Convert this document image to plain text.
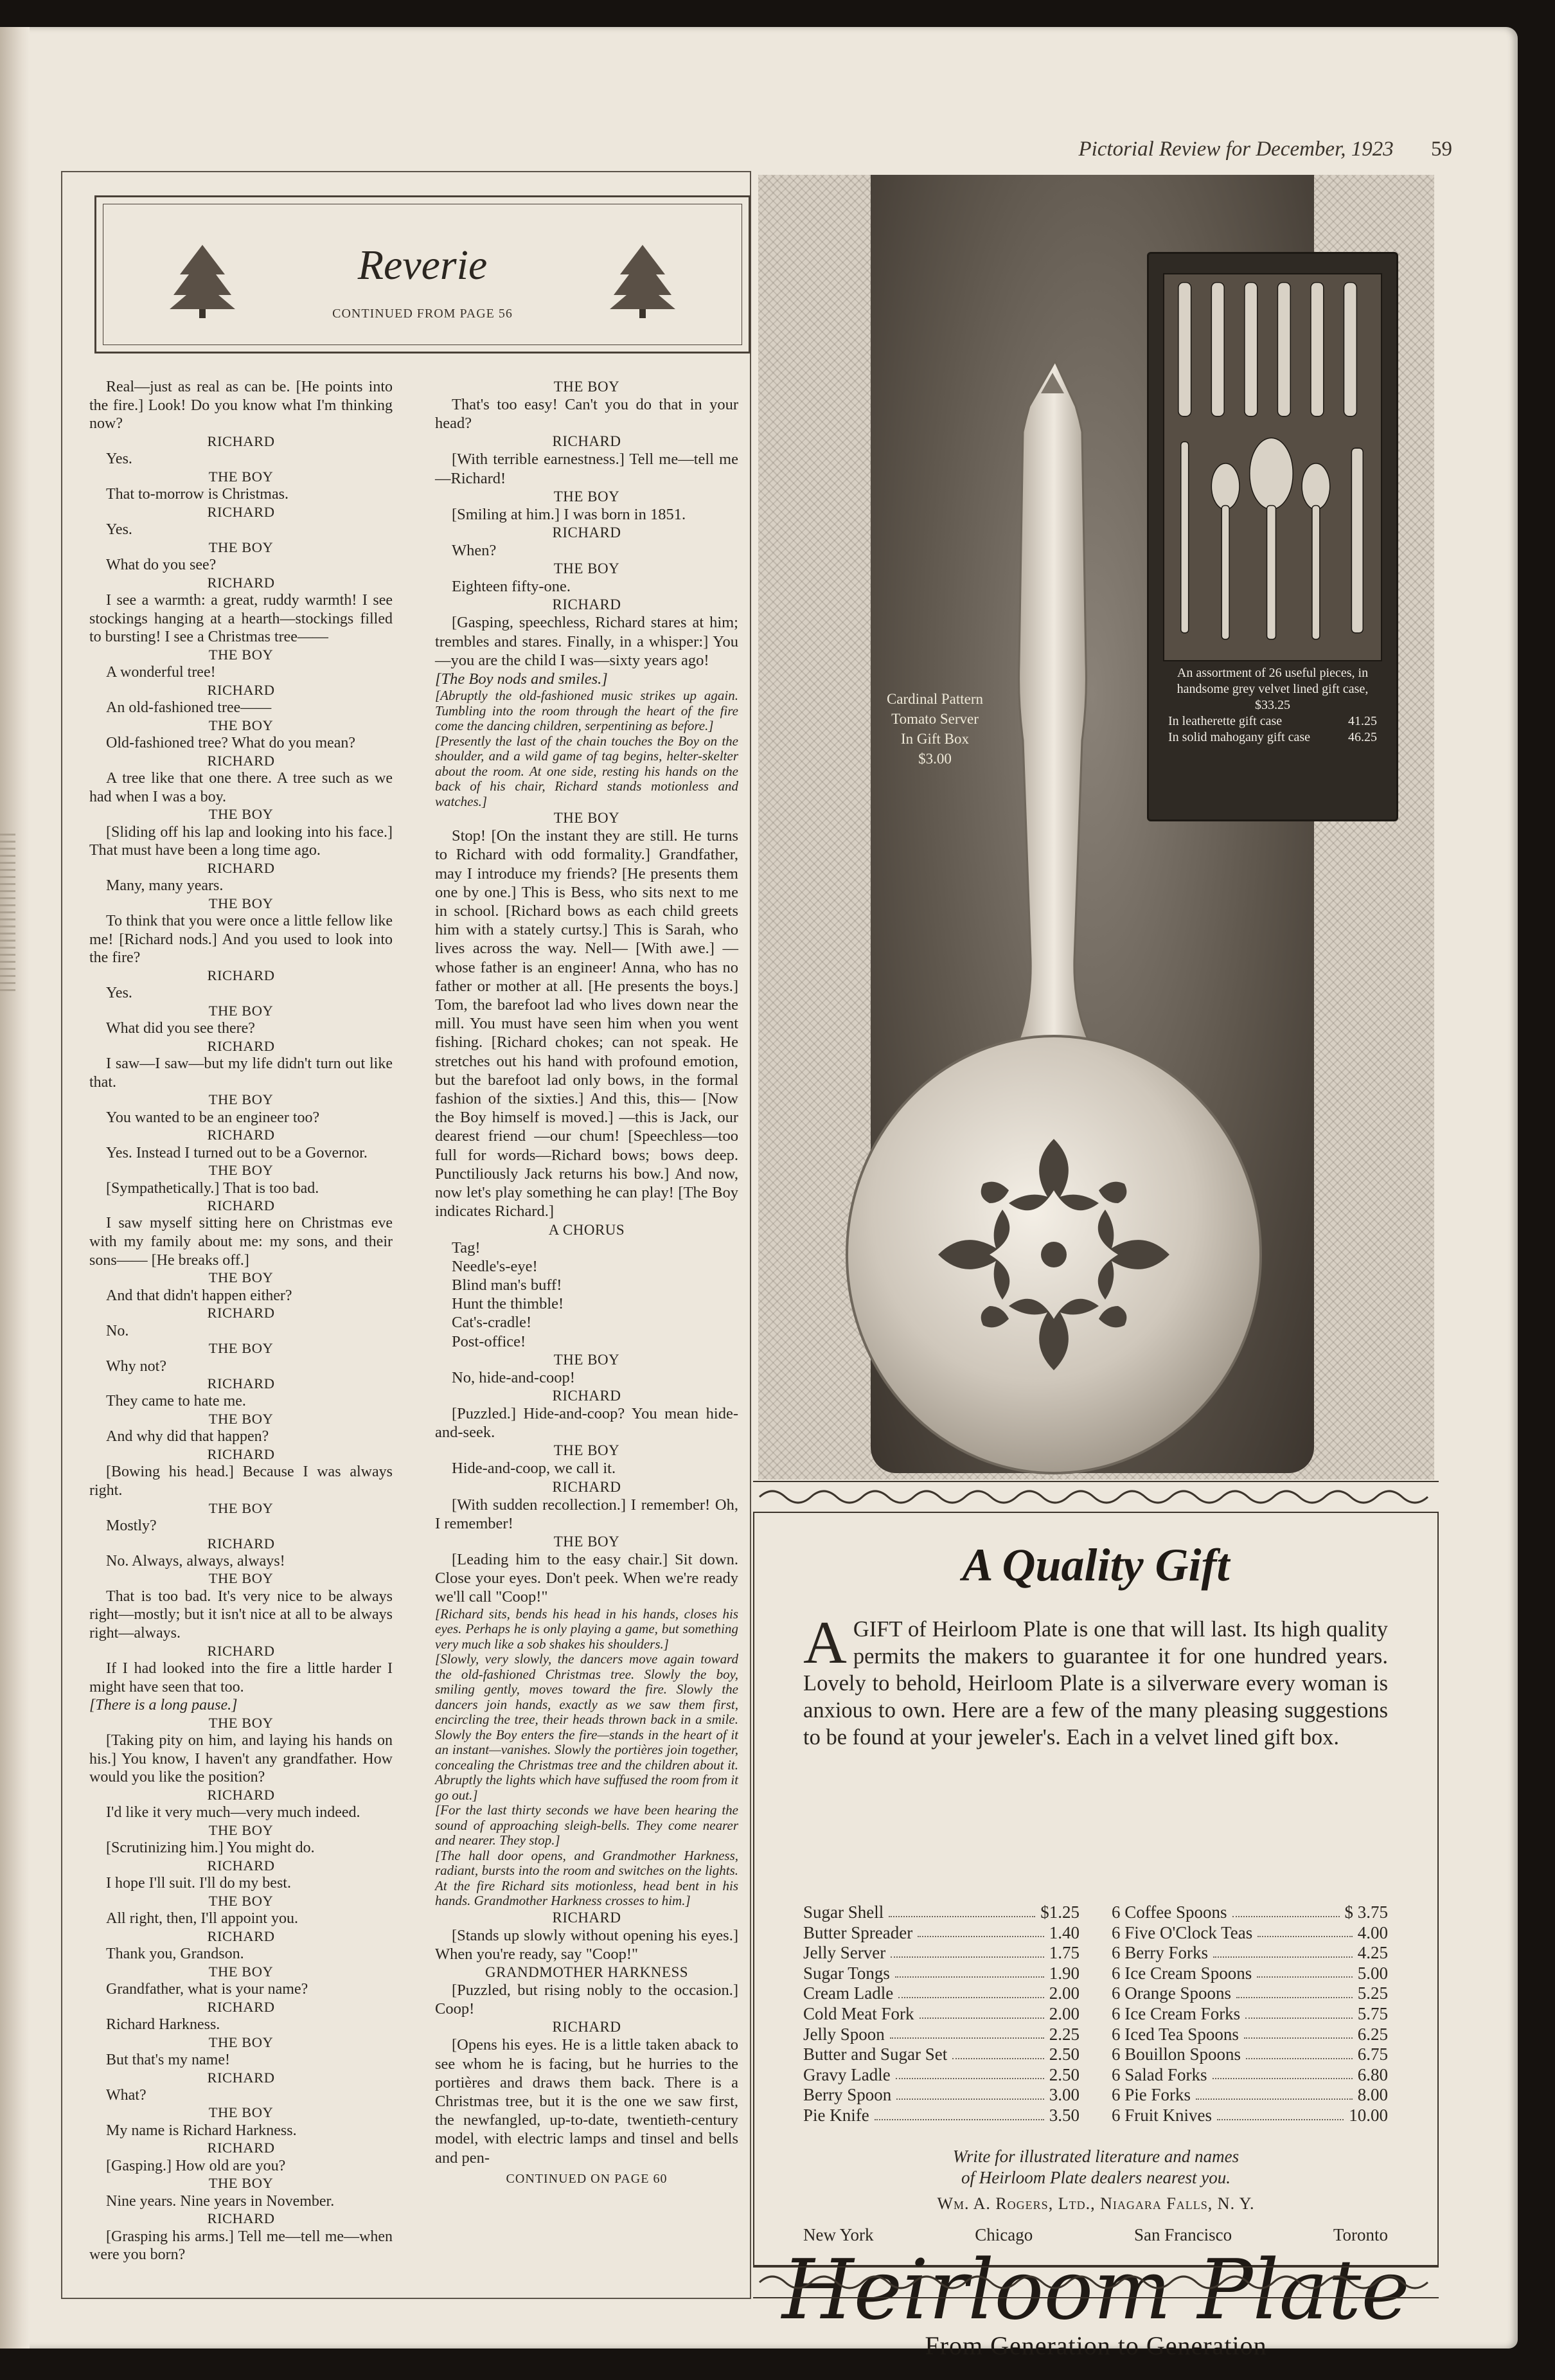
Pictorial Review for December, 1923 59
Reverie
CONTINUED FROM PAGE 56

Real—just as real as can be. [He points into the fire.] Look! Do you know what I'm thinking now?

RICHARD

Yes.

THE BOY

That to-morrow is Christmas.

RICHARD

Yes.

THE BOY

What do you see?

RICHARD

I see a warmth: a great, ruddy warmth! I see stockings hanging at a hearth—stockings filled to bursting! I see a Christmas tree——

THE BOY

A wonderful tree!

RICHARD

An old-fashioned tree——

THE BOY

Old-fashioned tree? What do you mean?

RICHARD

A tree like that one there. A tree such as we had when I was a boy.

THE BOY

[Sliding off his lap and looking into his face.] That must have been a long time ago.

RICHARD

Many, many years.

THE BOY

To think that you were once a little fellow like me! [Richard nods.] And you used to look into the fire?

RICHARD

Yes.

THE BOY

What did you see there?

RICHARD

I saw—I saw—but my life didn't turn out like that.

THE BOY

You wanted to be an engineer too?

RICHARD

Yes. Instead I turned out to be a Governor.

THE BOY

[Sympathetically.] That is too bad.

RICHARD

I saw myself sitting here on Christmas eve with my family about me: my sons, and their sons—— [He breaks off.]

THE BOY

And that didn't happen either?

RICHARD

No.

THE BOY

Why not?

RICHARD

They came to hate me.

THE BOY

And why did that happen?

RICHARD

[Bowing his head.] Because I was always right.

THE BOY

Mostly?

RICHARD

No. Always, always, always!

THE BOY

That is too bad. It's very nice to be always right—mostly; but it isn't nice at all to be always right—always.

RICHARD

If I had looked into the fire a little harder I might have seen that too.

[There is a long pause.]

THE BOY

[Taking pity on him, and laying his hands on his.] You know, I haven't any grandfather. How would you like the position?

RICHARD

I'd like it very much—very much indeed.

THE BOY

[Scrutinizing him.] You might do.

RICHARD

I hope I'll suit. I'll do my best.

THE BOY

All right, then, I'll appoint you.

RICHARD

Thank you, Grandson.

THE BOY

Grandfather, what is your name?

RICHARD

Richard Harkness.

THE BOY

But that's my name!

RICHARD

What?

THE BOY

My name is Richard Harkness.

RICHARD

[Gasping.] How old are you?

THE BOY

Nine years. Nine years in November.

RICHARD

[Grasping his arms.] Tell me—tell me—when were you born?

THE BOY

That's too easy! Can't you do that in your head?

RICHARD

[With terrible earnestness.] Tell me—tell me—Richard!

THE BOY

[Smiling at him.] I was born in 1851.

RICHARD

When?

THE BOY

Eighteen fifty-one.

RICHARD

[Gasping, speechless, Richard stares at him; trembles and stares. Finally, in a whisper:] You—you are the child I was—sixty years ago!

[The Boy nods and smiles.]

[Abruptly the old-fashioned music strikes up again. Tumbling into the room through the heart of the fire come the dancing children, serpentining as before.]

[Presently the last of the chain touches the Boy on the shoulder, and a wild game of tag begins, helter-skelter about the room. At one side, resting his hands on the back of his chair, Richard stands motionless and watches.]

THE BOY

Stop! [On the instant they are still. He turns to Richard with odd formality.] Grandfather, may I introduce my friends? [He presents them one by one.] This is Bess, who sits next to me in school. [Richard bows as each child greets him with a stately curtsy.] This is Sarah, who lives across the way. Nell— [With awe.] —whose father is an engineer! Anna, who has no father or mother at all. [He presents the boys.] Tom, the barefoot lad who lives down near the mill. You must have seen him when you went fishing. [Richard chokes; can not speak. He stretches out his hand with profound emotion, but the barefoot lad only bows, in the formal fashion of the sixties.] And this, this— [Now the Boy himself is moved.] —this is Jack, our dearest friend —our chum! [Speechless—too full for words—Richard bows; bows deep. Punctiliously Jack returns his bow.] And now, now let's play something he can play! [The Boy indicates Richard.]

A CHORUS

Tag!

Needle's-eye!

Blind man's buff!

Hunt the thimble!

Cat's-cradle!

Post-office!

THE BOY

No, hide-and-coop!

RICHARD

[Puzzled.] Hide-and-coop? You mean hide-and-seek.

THE BOY

Hide-and-coop, we call it.

RICHARD

[With sudden recollection.] I remember! Oh, I remember!

THE BOY

[Leading him to the easy chair.] Sit down. Close your eyes. Don't peek. When we're ready we'll call "Coop!"

[Richard sits, bends his head in his hands, closes his eyes. Perhaps he is only playing a game, but something very much like a sob shakes his shoulders.]

[Slowly, very slowly, the dancers move again toward the old-fashioned Christmas tree. Slowly the boy, smiling gently, moves toward the fire. Slowly the dancers join hands, exactly as we saw them first, encircling the tree, their heads thrown back in a smile. Slowly the Boy enters the fire—stands in the heart of it an instant—vanishes. Slowly the portières join together, concealing the Christmas tree and the children about it. Abruptly the lights which have suffused the room from it go out.]

[For the last thirty seconds we have been hearing the sound of approaching sleigh-bells. They come nearer and nearer. They stop.]

[The hall door opens, and Grandmother Harkness, radiant, bursts into the room and switches on the lights. At the fire Richard sits motionless, head bent in his hands. Grandmother Harkness crosses to him.]

RICHARD

[Stands up slowly without opening his eyes.] When you're ready, say "Coop!"

GRANDMOTHER HARKNESS

[Puzzled, but rising nobly to the occasion.] Coop!

RICHARD

[Opens his eyes. He is a little taken aback to see whom he is facing, but he hurries to the portières and draws them back. There is a Christmas tree, but it is the one we saw first, the newfangled, up-to-date, twentieth-century model, with electric lamps and tinsel and bells and pen-

CONTINUED ON PAGE 60

Cardinal Pattern
Tomato Server
In Gift Box
$3.00
An assortment of 26 useful pieces, in handsome grey velvet lined gift case, $33.25
In leatherette gift case	41.25
In solid mahogany gift case	46.25
A Quality Gift
A GIFT of Heirloom Plate is one that will last. Its high quality permits the makers to guarantee it for one hundred years. Lovely to behold, Heirloom Plate is a silverware every woman is anxious to own. Here are a few of the many pleasing suggestions to be found at your jeweler's. Each in a velvet lined gift box.
Sugar Shell	$1.25
Butter Spreader	1.40
Jelly Server	1.75
Sugar Tongs	1.90
Cream Ladle	2.00
Cold Meat Fork	2.00
Jelly Spoon	2.25
Butter and Sugar Set	2.50
Gravy Ladle	2.50
Berry Spoon	3.00
Pie Knife	3.50
6 Coffee Spoons	$ 3.75
6 Five O'Clock Teas	4.00
6 Berry Forks	4.25
6 Ice Cream Spoons	5.00
6 Orange Spoons	5.25
6 Ice Cream Forks	5.75
6 Iced Tea Spoons	6.25
6 Bouillon Spoons	6.75
6 Salad Forks	6.80
6 Pie Forks	8.00
6 Fruit Knives	10.00
Write for illustrated literature and names
of Heirloom Plate dealers nearest you.
Wm. A. Rogers, Ltd., Niagara Falls, N. Y.
New York	Chicago	San Francisco	Toronto
Heirloom Plate
From Generation to Generation
